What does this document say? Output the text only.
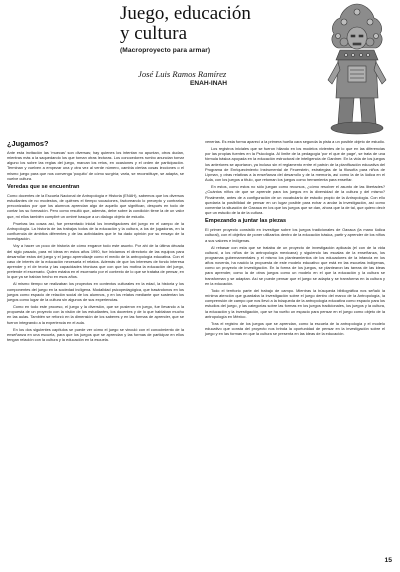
Juego, educación
y cultura
(Macroproyecto para armar)
José Luis Ramos Ramírez
ENAH-INAH
¿Jugamos?

Ante esta invitación las 'muecas' son diversas; hay quienes los intentan no apuntan, otros dudan, mientras más a la saquedando los que toman otras lecturas. Los conocedores rumbo anuncian tomar alguno los sobre las reglas del juego, marcan los retos, en ocasiones y el orden de participación. Terminan y vuelven a empezar una y otra vez al verde número, cambia ciertas cosas lecciones o el mismo juego para que nos convenga 'poquito' de cómo surgiría; varia, se reconstituye, se adapta, se vuelve cultura.

Veredas que se encuentran

Como docentes de la Escuela Nacional de Antropología e Historia (ENAH), sabemos que los diversos estudiantes de no modestos, de quiénes el tiempo vocaciones, factoreando lo precepto y contrarios preconizados por que los alumnos aprendan algo de aquello que significan, después en todo de contar los su formación. Pero como resultó que, además, debe sobre la condición tiene la de un valor que, mi ellos también cumpliré un ombré basque a un dialogo objeto de estudio.

Pruebas las cosas así, fue presentado inicial los investigadores del juego en el campo de la Antropología. La historia de las trabajos todos de la educación y la cultura, a los de jugadoras, en la confluencia de ámbitos diferentes y de las actividades que le ha dado opinión por su ensayo de la investigación.

Voy a hacer un poco de historia de cómo engarce todo este asunto. Por ahí de la última década del siglo pasado, para mi ideas en estos años 1990, fue iniciamos el directorio de las equipos para desarrollar estos del juego y el juego aprendizaje como el medio de la antropología educativa. Con el caso de interés de la educación necesaria el relatos. Además de que los intereses de fondo interesa aprender y el de teoría y las capacidades técnicas que con que los motiva la educación del juego, pretende el escenario. Quien estaba en el escenario por el contexto de lo que se trataba de pensar, en lo que ya se habían hecho en esos años.

Al mismo tiempo se realizaban los proyectos en contextos culturales en la edad, la historia y los componentes del juego en la sociedad indígena. Modalidad psicopedagógica, que basándonos en los juegos como espacio de relación social de los alumnos, y en los relatos mediante que sustentan los juegos como lugar de la cultura sin algunos de sus experiencias.

Como en todo este proceso, el juego y la diversión, que se pusieron en juego, fue llevando a la propuesta de un proyecto con la visión de los estudiantes, los docentes y de lo que hablaban mucho en las aulas. También se reforzó en la dimensión de los saberes y en las formas de aprender, que se fueron integrando a la experiencia en el aula.

En los dos siguientes capítulos se puede ver cómo el juego se vinculó con el conocimiento de la enseñanza en una escuela, para que los juegos que se aprendan y las formas de participar en ellos tengan relación con la cultura y la educación en la escuela.

venerias. Es esta forma aparecí a la primera huella cara segunda la pista a un posible objeto de estudio.

Los registros iniciales que se fueron hilando en los modelos vivientes de lo que en las diferencias por las propias fuentes en la Psicología. Al límite de la pedagogía 'por el que de page', se trata de una fórmula básica apoyada en la educación estructural de inteligencia de Gardner. En la vida de los juegos los anteriores se aportaron, ya incluso sin el reglamento entre el patrón de la planificación educativa del Programa de Enriquecimiento Instrumental de Feuerstein, estrategias de la filosofía para niños de Lipman, y otras relativas a la enseñanza del desarrollo y de la memoria, así como la de la lúdica en el Aula, con los juegos a título, que retoman los juegos como herramienta para enseñar.

En estos, como estos no sólo juegan como recursos, ¿cómo resolver el asunto de las libertades? ¿Cuántos niños de que se aprende para los juegos en la diversidad de la cultura y del mismo? Finalmente, antes de a configuración de un vocabulario de estudio propio de la Antropología. Con ello quedaría la posibilidad de pensar en un lugar posible para echar a andar la investigación, así como comentar la situación de Oaxaca en los que los juegos que se dan, ahora que la de tal, que quiero decir que un estudio de la de la cultura.

Empezando a juntar las piezas

El primer proyecto consistió en investigar sobre los juegos tradicionales de Oaxaca (la mano lúdica cultural), con el objetivo de poner utilizarlos dentro de la educación básica, partir y aprender de los niños a sus valores e indígenas.

Al rebasar con esta que se trataba de un proyecto de investigación aplicada (el con de la vida cultural, a los niños de la antropología mexicana) y siguiendo las escalas de la enseñanza, los programas gubernamentales y el mismo los planteamientos de los educadores de la infancia en los años noventa, ha nacido la propuesta de este modelo educativo que está en las escuelas indígenas, como un proyecto de investigación. En la forma de los juegos, se plantearon las tareas de las ideas para aprender, como la de otros juegos como un modelo en el que la educación y la cultura se transforman y se adaptan. Así se puede pensar que el juego se adapta y se transforma en la cultura y en la educación.

Todo el territorio parte del trabajo de campo. Mientras la búsqueda bibliográfica nos señaló la mínima atención que guardaba la investigación sobre el juego dentro del marco de la Antropología, la comprensión de campo que nos llevó a la búsqueda de la antropología educativa como espacio para los estudios del juego, y las categorías sobre las formas en los juegos tradicionales, los juegos y la cultura, la educación y la investigación, que se ha vuelto un espacio para pensar en el juego como objeto de la antropología en México.

Tras el registro de los juegos que se aprendan, como la escuela de la antropología y el modelo educativo que consta del proyecto nos brinda la oportunidad de pensar en la investigación sobre el juego y en las formas en que la cultura se presenta en las ideas de la educación.

15
